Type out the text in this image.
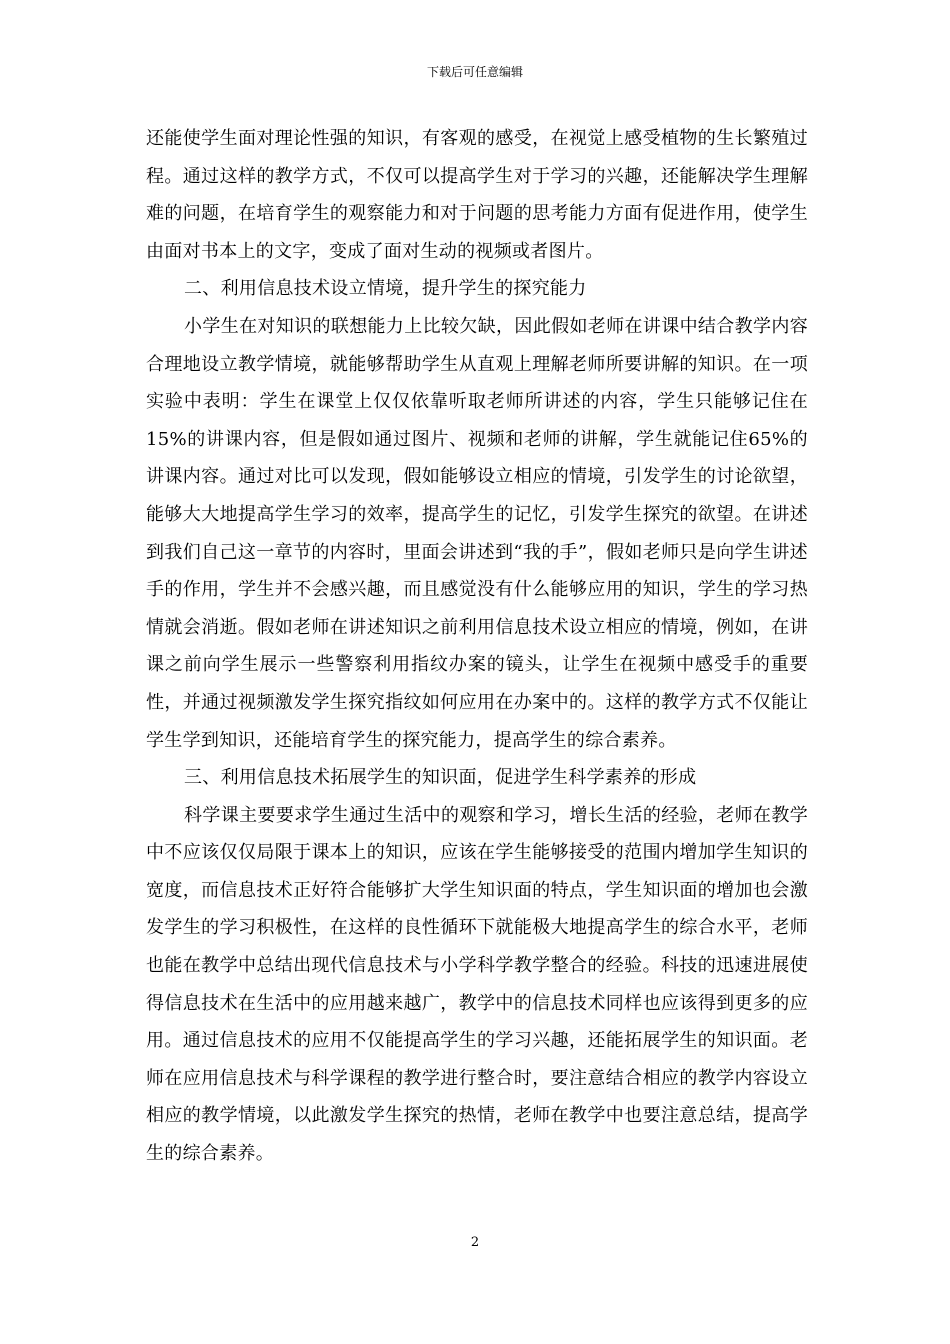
下载后可任意编辑

还能使学生面对理论性强的知识，有客观的感受，在视觉上感受植物的生长繁殖过程。通过这样的教学方式，不仅可以提高学生对于学习的兴趣，还能解决学生理解难的问题，在培育学生的观察能力和对于问题的思考能力方面有促进作用，使学生由面对书本上的文字，变成了面对生动的视频或者图片。

二、利用信息技术设立情境，提升学生的探究能力

小学生在对知识的联想能力上比较欠缺，因此假如老师在讲课中结合教学内容合理地设立教学情境，就能够帮助学生从直观上理解老师所要讲解的知识。在一项实验中表明：学生在课堂上仅仅依靠听取老师所讲述的内容，学生只能够记住在15%的讲课内容，但是假如通过图片、视频和老师的讲解，学生就能记住65%的讲课内容。通过对比可以发现，假如能够设立相应的情境，引发学生的讨论欲望，能够大大地提高学生学习的效率，提高学生的记忆，引发学生探究的欲望。在讲述到我们自己这一章节的内容时，里面会讲述到“我的手”，假如老师只是向学生讲述手的作用，学生并不会感兴趣，而且感觉没有什么能够应用的知识，学生的学习热情就会消逝。假如老师在讲述知识之前利用信息技术设立相应的情境，例如，在讲课之前向学生展示一些警察利用指纹办案的镜头，让学生在视频中感受手的重要性，并通过视频激发学生探究指纹如何应用在办案中的。这样的教学方式不仅能让学生学到知识，还能培育学生的探究能力，提高学生的综合素养。

三、利用信息技术拓展学生的知识面，促进学生科学素养的形成

科学课主要要求学生通过生活中的观察和学习，增长生活的经验，老师在教学中不应该仅仅局限于课本上的知识，应该在学生能够接受的范围内增加学生知识的宽度，而信息技术正好符合能够扩大学生知识面的特点，学生知识面的增加也会激发学生的学习积极性，在这样的良性循环下就能极大地提高学生的综合水平，老师也能在教学中总结出现代信息技术与小学科学教学整合的经验。科技的迅速进展使得信息技术在生活中的应用越来越广，教学中的信息技术同样也应该得到更多的应用。通过信息技术的应用不仅能提高学生的学习兴趣，还能拓展学生的知识面。老师在应用信息技术与科学课程的教学进行整合时，要注意结合相应的教学内容设立相应的教学情境，以此激发学生探究的热情，老师在教学中也要注意总结，提高学生的综合素养。

2
